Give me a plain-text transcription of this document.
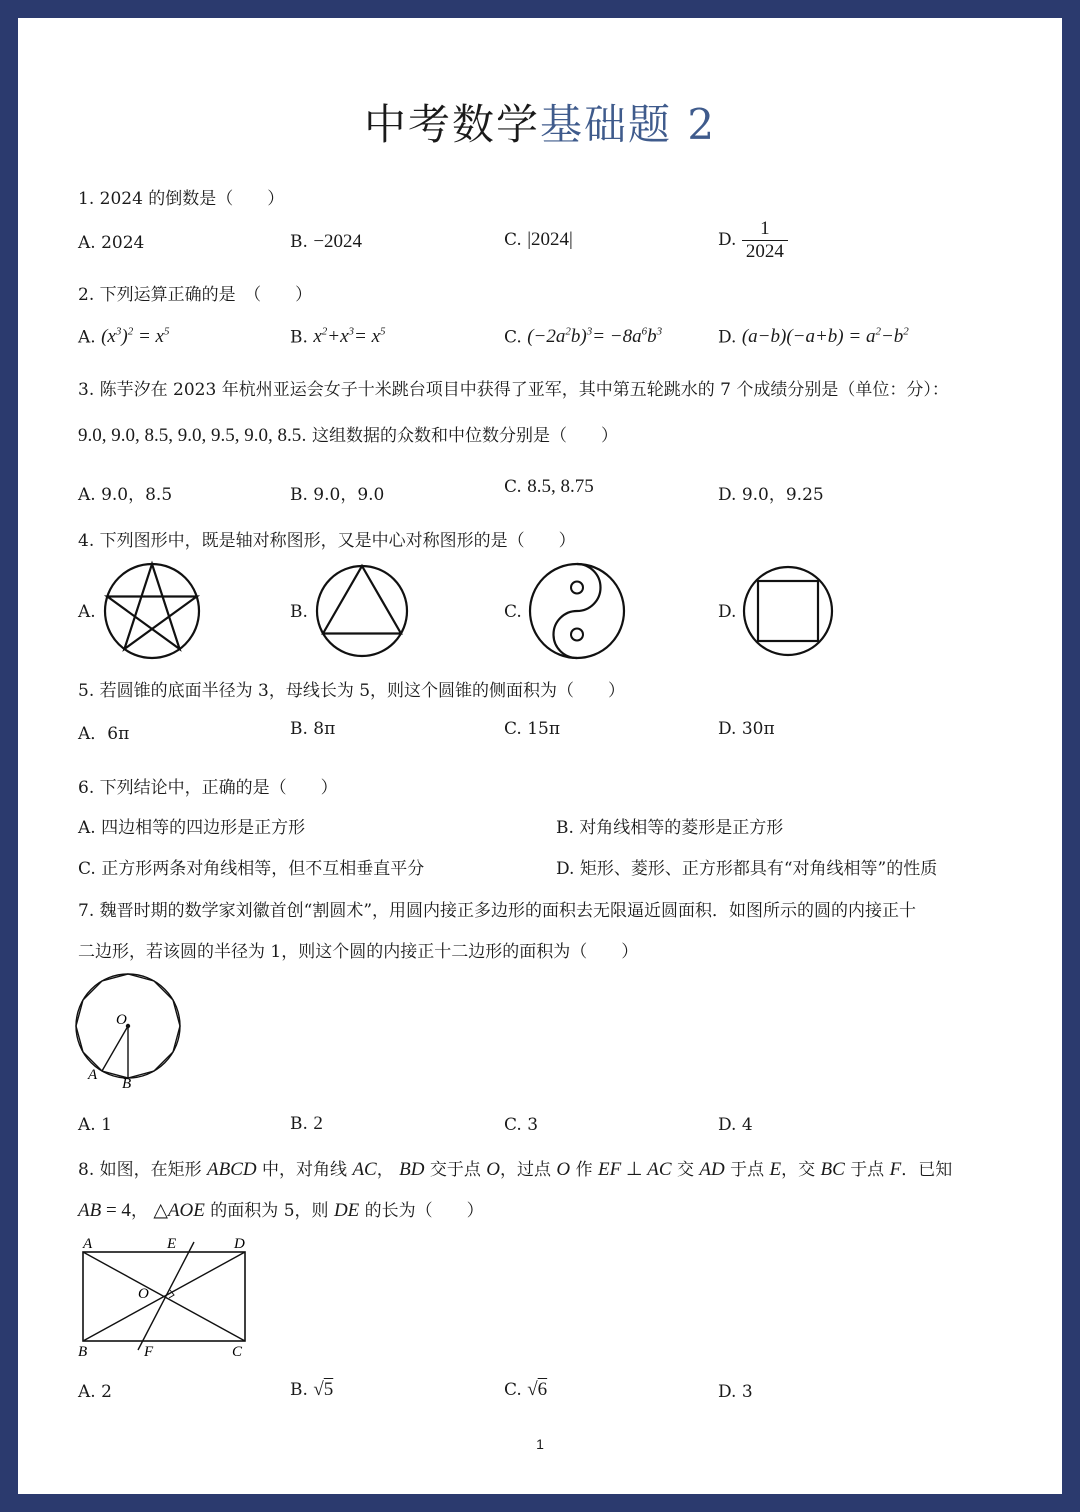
中考数学基础题 2
1. 2024 的倒数是（　　）
A. 2024	B. −2024	C. |2024|	D. $\frac{1}{2024}$
2. 下列运算正确的是　（　　）
A. $(x^3)^2 = x^5$	B. $x^2+x^3= x^5$	C. $(-2a^2b)^3= -8a^6b^3$	D. $(a-b)(-a+b) = a^2-b^2$
3. 陈芋汐在 2023 年杭州亚运会女子十米跳台项目中获得了亚军，其中第五轮跳水的 7 个成绩分别是（单位：分）：
9.0, 9.0, 8.5, 9.0, 9.5, 9.0, 8.5. 这组数据的众数和中位数分别是（　　）
A. 9.0，8.5	B. 9.0，9.0	C. 8.5, 8.75	D. 9.0，9.25
4. 下列图形中，既是轴对称图形，又是中心对称图形的是（　　）
A.	B.	C.	D.
5. 若圆锥的底面半径为 3，母线长为 5，则这个圆锥的侧面积为（　　）
A．6π	B. 8π	C. 15π	D. 30π
6. 下列结论中，正确的是（　　）
A. 四边相等的四边形是正方形	B. 对角线相等的菱形是正方形
C. 正方形两条对角线相等，但不互相垂直平分	D. 矩形、菱形、正方形都具有“对角线相等”的性质
7. 魏晋时期的数学家刘徽首创“割圆术”，用圆内接正多边形的面积去无限逼近圆面积．如图所示的圆的内接正十
二边形，若该圆的半径为 1，则这个圆的内接正十二边形的面积为（　　）
O
A
B
A. 1	B. 2	C. 3	D. 4
8. 如图，在矩形 ABCD 中，对角线 AC， BD 交于点 O，过点 O 作 EF ⊥ AC 交 AD 于点 E，交 BC 于点 F．已知
AB = 4， △AOE 的面积为 5，则 DE 的长为（　　）
A	E	D
O
B	F	C
A. 2	B. √5	C. √6	D. 3
1
